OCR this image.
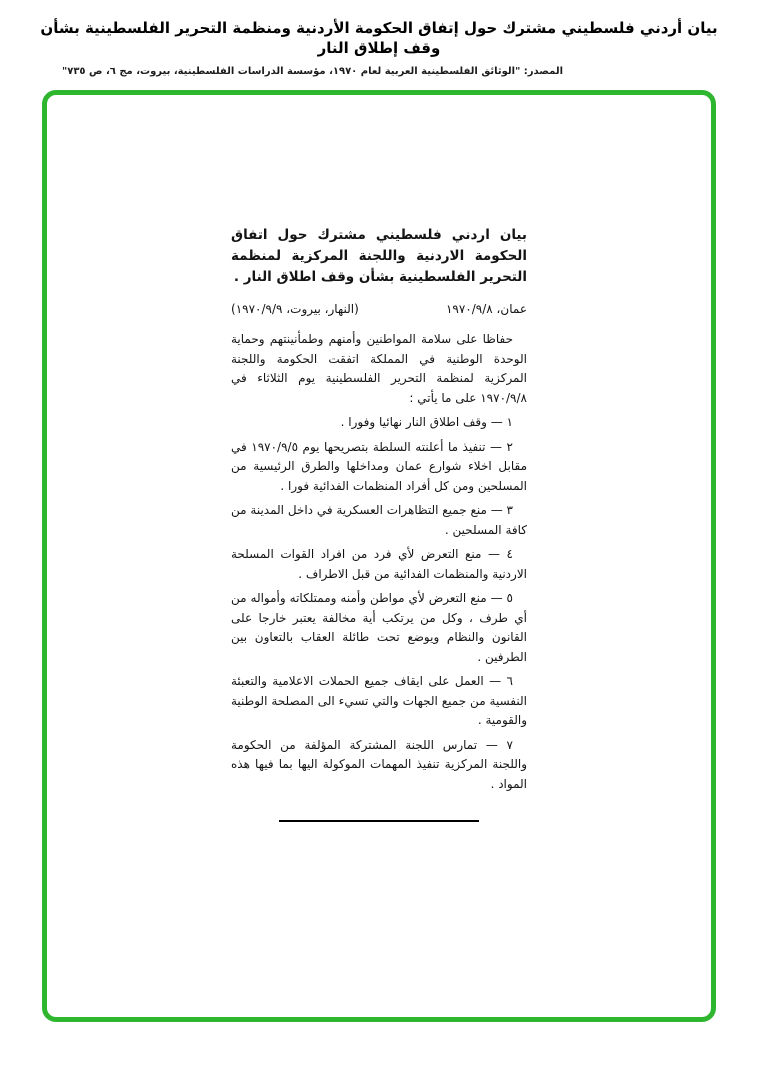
بيان أردني فلسطيني مشترك حول إتفاق الحكومة الأردنية ومنظمة التحرير الفلسطينية بشأن وقف إطلاق النار
المصدر: "الوثائق الفلسطينية العربية لعام ١٩٧٠، مؤسسة الدراسات الفلسطينية، بيروت، مج ٦، ص ٧٣٥"
بيان اردني فلسطيني مشترك حول اتفاق الحكومة الاردنية واللجنة المركزية لمنظمة التحرير الفلسطينية بشأن وقف اطلاق النار .
عمان، ١٩٧٠/٩/٨
(النهار، بيروت، ١٩٧٠/٩/٩)

حفاظا على سلامة المواطنين وأمنهم وطمأنينتهم وحماية الوحدة الوطنية في المملكة اتفقت الحكومة واللجنة المركزية لمنظمة التحرير الفلسطينية يوم الثلاثاء في ١٩٧٠/٩/٨ على ما يأتي :

١ — وقف اطلاق النار نهائيا وفورا .

٢ — تنفيذ ما أعلنته السلطة بتصريحها يوم ١٩٧٠/٩/٥ في مقابل اخلاء شوارع عمان ومداخلها والطرق الرئيسية من المسلحين ومن كل أفراد المنظمات الفدائية فورا .

٣ — منع جميع التظاهرات العسكرية في داخل المدينة من كافة المسلحين .

٤ — منع التعرض لأي فرد من افراد القوات المسلحة الاردنية والمنظمات الفدائية من قبل الاطراف .

٥ — منع التعرض لأي مواطن وأمنه وممتلكاته وأمواله من أي طرف ، وكل من يرتكب أية مخالفة يعتبر خارجا على القانون والنظام ويوضع تحت طائلة العقاب بالتعاون بين الطرفين .

٦ — العمل على ايقاف جميع الحملات الاعلامية والتعبئة النفسية من جميع الجهات والتي تسيء الى المصلحة الوطنية والقومية .

٧ — تمارس اللجنة المشتركة المؤلفة من الحكومة واللجنة المركزية تنفيذ المهمات الموكولة اليها بما فيها هذه المواد .
